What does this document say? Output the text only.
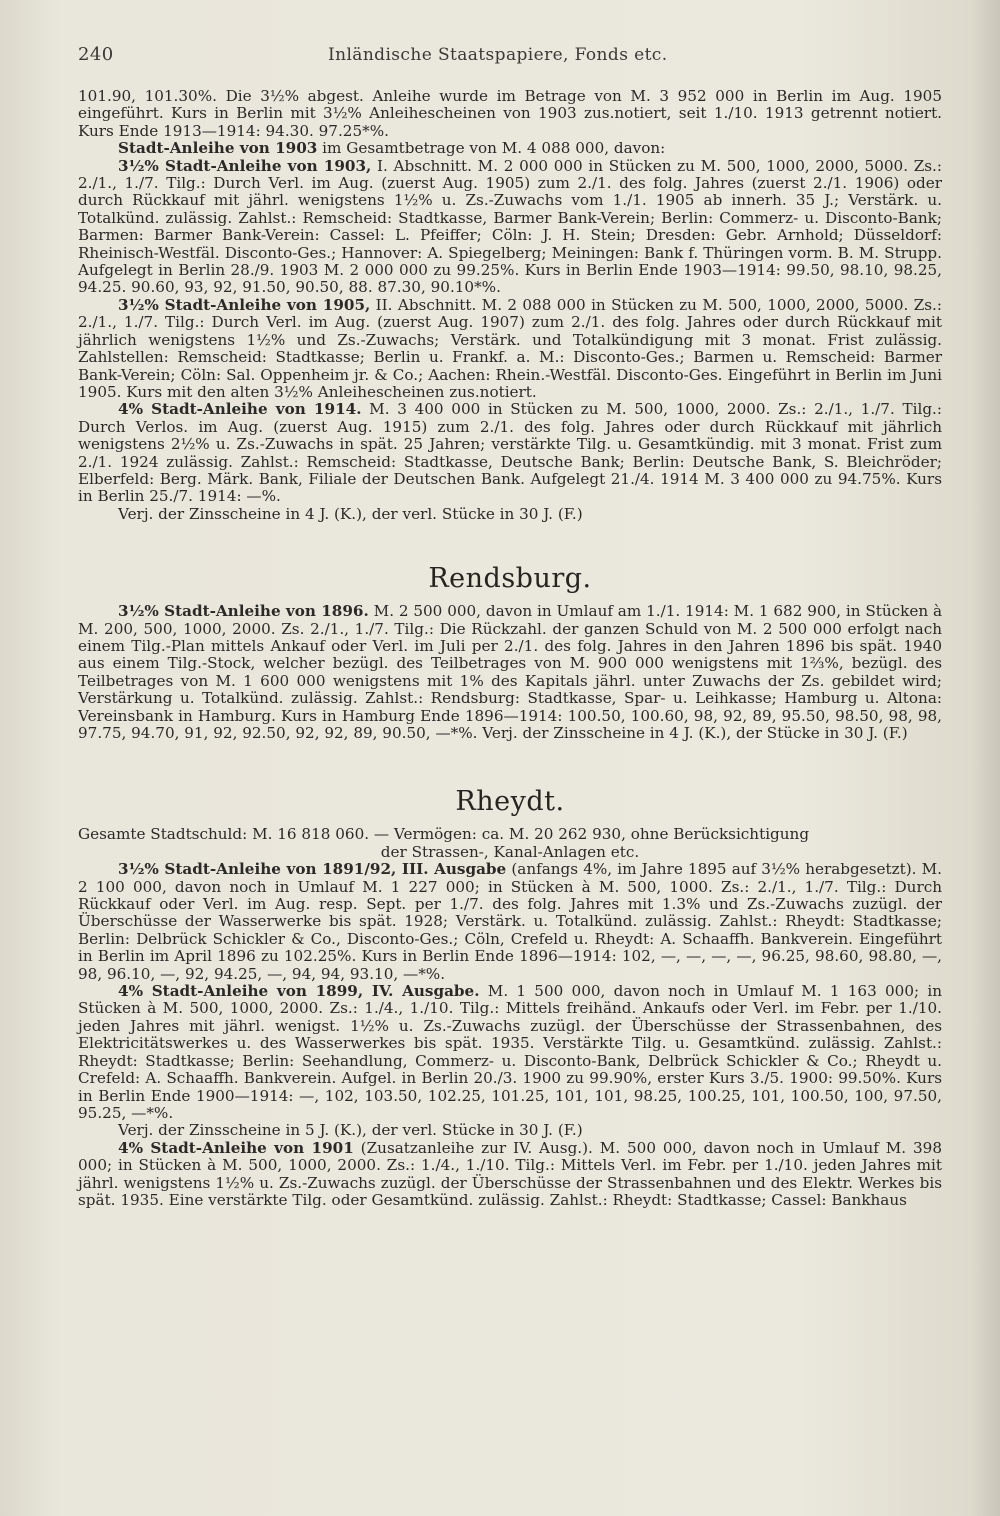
240	Inländische Staatspapiere, Fonds etc.

101.90, 101.30%. Die 3½% abgest. Anleihe wurde im Betrage von M. 3 952 000 in Berlin im Aug. 1905 eingeführt. Kurs in Berlin mit 3½% Anleihescheinen von 1903 zus.notiert, seit 1./10. 1913 getrennt notiert. Kurs Ende 1913—1914: 94.30. 97.25*%.

Stadt-Anleihe von 1903 im Gesamtbetrage von M. 4 088 000, davon:

3½% Stadt-Anleihe von 1903, I. Abschnitt. M. 2 000 000 in Stücken zu M. 500, 1000, 2000, 5000. Zs.: 2./1., 1./7. Tilg.: Durch Verl. im Aug. (zuerst Aug. 1905) zum 2./1. des folg. Jahres (zuerst 2./1. 1906) oder durch Rückkauf mit jährl. wenigstens 1½% u. Zs.-Zuwachs vom 1./1. 1905 ab innerh. 35 J.; Verstärk. u. Totalkünd. zulässig. Zahlst.: Remscheid: Stadtkasse, Barmer Bank-Verein; Berlin: Commerz- u. Disconto-Bank; Barmen: Barmer Bank-Verein: Cassel: L. Pfeiffer; Cöln: J. H. Stein; Dresden: Gebr. Arnhold; Düsseldorf: Rheinisch-Westfäl. Disconto-Ges.; Hannover: A. Spiegelberg; Meiningen: Bank f. Thüringen vorm. B. M. Strupp. Aufgelegt in Berlin 28./9. 1903 M. 2 000 000 zu 99.25%. Kurs in Berlin Ende 1903—1914: 99.50, 98.10, 98.25, 94.25. 90.60, 93, 92, 91.50, 90.50, 88. 87.30, 90.10*%.

3½% Stadt-Anleihe von 1905, II. Abschnitt. M. 2 088 000 in Stücken zu M. 500, 1000, 2000, 5000. Zs.: 2./1., 1./7. Tilg.: Durch Verl. im Aug. (zuerst Aug. 1907) zum 2./1. des folg. Jahres oder durch Rückkauf mit jährlich wenigstens 1½% und Zs.-Zuwachs; Verstärk. und Totalkündigung mit 3 monat. Frist zulässig. Zahlstellen: Remscheid: Stadtkasse; Berlin u. Frankf. a. M.: Disconto-Ges.; Barmen u. Remscheid: Barmer Bank-Verein; Cöln: Sal. Oppenheim jr. & Co.; Aachen: Rhein.-Westfäl. Disconto-Ges. Eingeführt in Berlin im Juni 1905. Kurs mit den alten 3½% Anleihescheinen zus.notiert.

4% Stadt-Anleihe von 1914. M. 3 400 000 in Stücken zu M. 500, 1000, 2000. Zs.: 2./1., 1./7. Tilg.: Durch Verlos. im Aug. (zuerst Aug. 1915) zum 2./1. des folg. Jahres oder durch Rückkauf mit jährlich wenigstens 2½% u. Zs.-Zuwachs in spät. 25 Jahren; verstärkte Tilg. u. Gesamtkündig. mit 3 monat. Frist zum 2./1. 1924 zulässig. Zahlst.: Remscheid: Stadtkasse, Deutsche Bank; Berlin: Deutsche Bank, S. Bleichröder; Elberfeld: Berg. Märk. Bank, Filiale der Deutschen Bank. Aufgelegt 21./4. 1914 M. 3 400 000 zu 94.75%. Kurs in Berlin 25./7. 1914: —%.

Verj. der Zinsscheine in 4 J. (K.), der verl. Stücke in 30 J. (F.)

Rendsburg.

3½% Stadt-Anleihe von 1896. M. 2 500 000, davon in Umlauf am 1./1. 1914: M. 1 682 900, in Stücken à M. 200, 500, 1000, 2000. Zs. 2./1., 1./7. Tilg.: Die Rückzahl. der ganzen Schuld von M. 2 500 000 erfolgt nach einem Tilg.-Plan mittels Ankauf oder Verl. im Juli per 2./1. des folg. Jahres in den Jahren 1896 bis spät. 1940 aus einem Tilg.-Stock, welcher bezügl. des Teilbetrages von M. 900 000 wenigstens mit 1⅔%, bezügl. des Teilbetrages von M. 1 600 000 wenigstens mit 1% des Kapitals jährl. unter Zuwachs der Zs. gebildet wird; Verstärkung u. Totalkünd. zulässig. Zahlst.: Rendsburg: Stadtkasse, Spar- u. Leihkasse; Hamburg u. Altona: Vereinsbank in Hamburg. Kurs in Hamburg Ende 1896—1914: 100.50, 100.60, 98, 92, 89, 95.50, 98.50, 98, 98, 97.75, 94.70, 91, 92, 92.50, 92, 92, 89, 90.50, —*%. Verj. der Zinsscheine in 4 J. (K.), der Stücke in 30 J. (F.)

Rheydt.

Gesamte Stadtschuld: M. 16 818 060. — Vermögen: ca. M. 20 262 930, ohne Berücksichtigung

der Strassen-, Kanal-Anlagen etc.

3½% Stadt-Anleihe von 1891/92, III. Ausgabe (anfangs 4%, im Jahre 1895 auf 3½% herabgesetzt). M. 2 100 000, davon noch in Umlauf M. 1 227 000; in Stücken à M. 500, 1000. Zs.: 2./1., 1./7. Tilg.: Durch Rückkauf oder Verl. im Aug. resp. Sept. per 1./7. des folg. Jahres mit 1.3% und Zs.-Zuwachs zuzügl. der Überschüsse der Wasserwerke bis spät. 1928; Verstärk. u. Totalkünd. zulässig. Zahlst.: Rheydt: Stadtkasse; Berlin: Delbrück Schickler & Co., Disconto-Ges.; Cöln, Crefeld u. Rheydt: A. Schaaffh. Bankverein. Eingeführt in Berlin im April 1896 zu 102.25%. Kurs in Berlin Ende 1896—1914: 102, —, —, —, —, 96.25, 98.60, 98.80, —, 98, 96.10, —, 92, 94.25, —, 94, 94, 93.10, —*%.

4% Stadt-Anleihe von 1899, IV. Ausgabe. M. 1 500 000, davon noch in Umlauf M. 1 163 000; in Stücken à M. 500, 1000, 2000. Zs.: 1./4., 1./10. Tilg.: Mittels freihänd. Ankaufs oder Verl. im Febr. per 1./10. jeden Jahres mit jährl. wenigst. 1½% u. Zs.-Zuwachs zuzügl. der Überschüsse der Strassenbahnen, des Elektricitätswerkes u. des Wasserwerkes bis spät. 1935. Verstärkte Tilg. u. Gesamtkünd. zulässig. Zahlst.: Rheydt: Stadtkasse; Berlin: Seehandlung, Commerz- u. Disconto-Bank, Delbrück Schickler & Co.; Rheydt u. Crefeld: A. Schaaffh. Bankverein. Aufgel. in Berlin 20./3. 1900 zu 99.90%, erster Kurs 3./5. 1900: 99.50%. Kurs in Berlin Ende 1900—1914: —, 102, 103.50, 102.25, 101.25, 101, 101, 98.25, 100.25, 101, 100.50, 100, 97.50, 95.25, —*%.

Verj. der Zinsscheine in 5 J. (K.), der verl. Stücke in 30 J. (F.)

4% Stadt-Anleihe von 1901 (Zusatzanleihe zur IV. Ausg.). M. 500 000, davon noch in Umlauf M. 398 000; in Stücken à M. 500, 1000, 2000. Zs.: 1./4., 1./10. Tilg.: Mittels Verl. im Febr. per 1./10. jeden Jahres mit jährl. wenigstens 1½% u. Zs.-Zuwachs zuzügl. der Überschüsse der Strassenbahnen und des Elektr. Werkes bis spät. 1935. Eine verstärkte Tilg. oder Gesamtkünd. zulässig. Zahlst.: Rheydt: Stadtkasse; Cassel: Bankhaus
